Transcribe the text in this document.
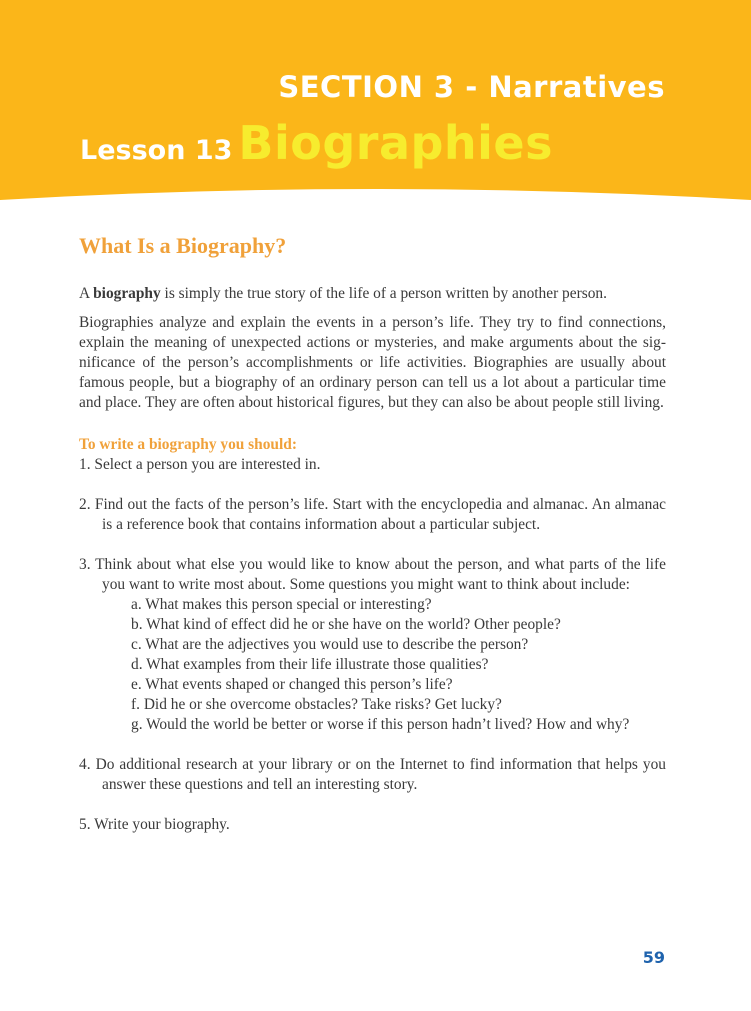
SECTION 3 - Narratives
Lesson 13 Biographies
What Is a Biography?

A biography is simply the true story of the life of a person written by another person.

Biographies analyze and explain the events in a person’s life. They try to find connections, explain the meaning of unexpected actions or mysteries, and make arguments about the sig-nificance of the person’s accomplishments or life activities. Biographies are usually about famous people, but a biography of an ordinary person can tell us a lot about a particular time and place. They are often about historical figures, but they can also be about people still living.

To write a biography you should:
1. Select a person you are interested in.
2. Find out the facts of the person’s life. Start with the encyclopedia and almanac. An almanac is a reference book that contains information about a particular subject.
3. Think about what else you would like to know about the person, and what parts of the life you want to write most about. Some questions you might want to think about include:
a. What makes this person special or interesting?
b. What kind of effect did he or she have on the world? Other people?
c. What are the adjectives you would use to describe the person?
d. What examples from their life illustrate those qualities?
e. What events shaped or changed this person’s life?
f. Did he or she overcome obstacles? Take risks? Get lucky?
g. Would the world be better or worse if this person hadn’t lived? How and why?
4. Do additional research at your library or on the Internet to find information that helps you answer these questions and tell an interesting story.
5. Write your biography.
59
